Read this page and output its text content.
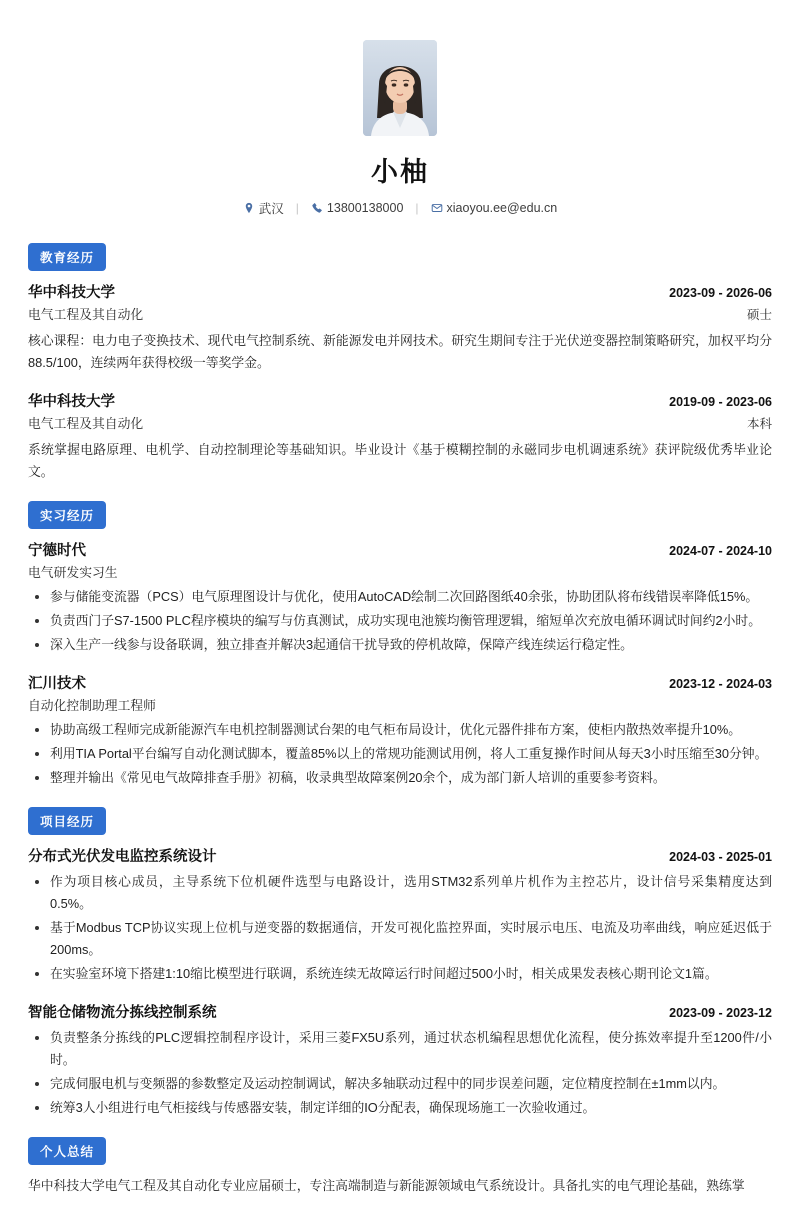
小柚
武汉 | 13800138000 | xiaoyou.ee@edu.cn
教育经历
华中科技大学	2023-09 - 2026-06
电气工程及其自动化	硕士
核心课程：电力电子变换技术、现代电气控制系统、新能源发电并网技术。研究生期间专注于光伏逆变器控制策略研究，加权平均分88.5/100，连续两年获得校级一等奖学金。
华中科技大学	2019-09 - 2023-06
电气工程及其自动化	本科
系统掌握电路原理、电机学、自动控制理论等基础知识。毕业设计《基于模糊控制的永磁同步电机调速系统》获评院级优秀毕业论文。
实习经历
宁德时代	2024-07 - 2024-10
电气研发实习生
• 参与储能变流器（PCS）电气原理图设计与优化，使用AutoCAD绘制二次回路图纸40余张，协助团队将布线错误率降低15%。
• 负责西门子S7-1500 PLC程序模块的编写与仿真测试，成功实现电池簇均衡管理逻辑，缩短单次充放电循环调试时间约2小时。
• 深入生产一线参与设备联调，独立排查并解决3起通信干扰导致的停机故障，保障产线连续运行稳定性。
汇川技术	2023-12 - 2024-03
自动化控制助理工程师
• 协助高级工程师完成新能源汽车电机控制器测试台架的电气柜布局设计，优化元器件排布方案，使柜内散热效率提升10%。
• 利用TIA Portal平台编写自动化测试脚本，覆盖85%以上的常规功能测试用例，将人工重复操作时间从每天3小时压缩至30分钟。
• 整理并输出《常见电气故障排查手册》初稿，收录典型故障案例20余个，成为部门新人培训的重要参考资料。
项目经历
分布式光伏发电监控系统设计	2024-03 - 2025-01
• 作为项目核心成员，主导系统下位机硬件选型与电路设计，选用STM32系列单片机作为主控芯片，设计信号采集精度达到0.5%。
• 基于Modbus TCP协议实现上位机与逆变器的数据通信，开发可视化监控界面，实时展示电压、电流及功率曲线，响应延迟低于200ms。
• 在实验室环境下搭建1:10缩比模型进行联调，系统连续无故障运行时间超过500小时，相关成果发表核心期刊论文1篇。
智能仓储物流分拣线控制系统	2023-09 - 2023-12
• 负责整条分拣线的PLC逻辑控制程序设计，采用三菱FX5U系列，通过状态机编程思想优化流程，使分拣效率提升至1200件/小时。
• 完成伺服电机与变频器的参数整定及运动控制调试，解决多轴联动过程中的同步误差问题，定位精度控制在±1mm以内。
• 统筹3人小组进行电气柜接线与传感器安装，制定详细的IO分配表，确保现场施工一次验收通过。
个人总结
华中科技大学电气工程及其自动化专业应届硕士，专注高端制造与新能源领域电气系统设计。具备扎实的电气理论基础，熟练掌
